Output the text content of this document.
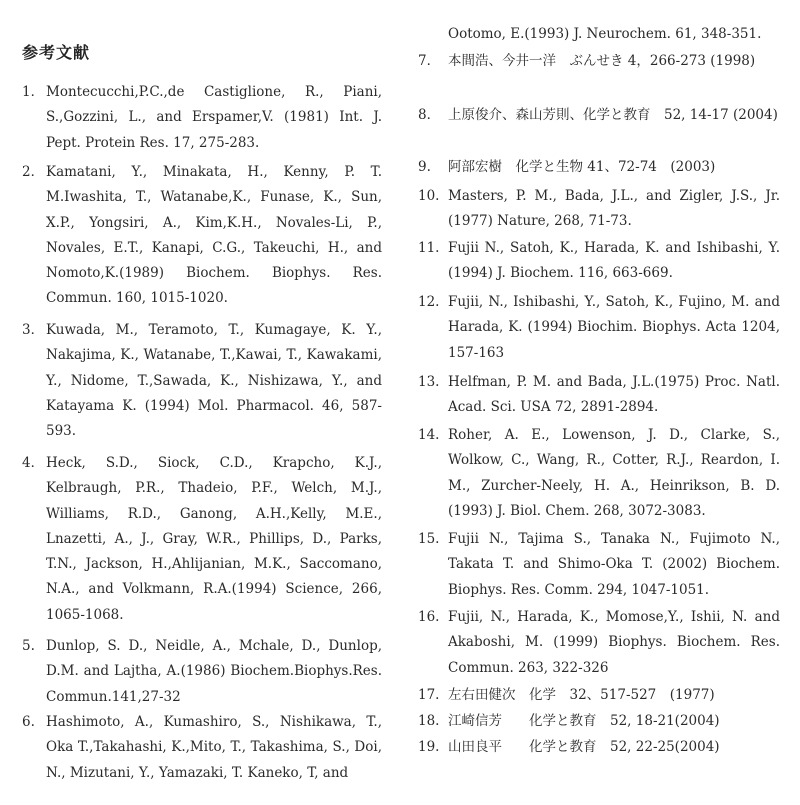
参考文献
1． Montecucchi,P.C.,de Castiglione, R., Piani, S.,Gozzini, L., and Erspamer,V. (1981) Int. J. Pept. Protein Res. 17, 275-283.
2． Kamatani, Y., Minakata, H., Kenny, P. T. M.Iwashita, T., Watanabe,K., Funase, K., Sun, X.P., Yongsiri, A., Kim,K.H., Novales-Li, P., Novales, E.T., Kanapi, C.G., Takeuchi, H., and Nomoto,K.(1989) Biochem. Biophys. Res. Commun. 160, 1015-1020.
3． Kuwada, M., Teramoto, T., Kumagaye, K. Y., Nakajima, K., Watanabe, T.,Kawai, T., Kawakami, Y., Nidome, T.,Sawada, K., Nishizawa, Y., and Katayama K. (1994) Mol. Pharmacol. 46, 587-593.
4． Heck, S.D., Siock, C.D., Krapcho, K.J., Kelbraugh, P.R., Thadeio, P.F., Welch, M.J., Williams, R.D., Ganong, A.H.,Kelly, M.E., Lnazetti, A., J., Gray, W.R., Phillips, D., Parks, T.N., Jackson, H.,Ahlijanian, M.K., Saccomano, N.A., and Volkmann, R.A.(1994) Science, 266, 1065-1068.
5. Dunlop, S. D., Neidle, A., Mchale, D., Dunlop, D.M. and Lajtha, A.(1986) Biochem.Biophys.Res. Commun.141,27-32
6. Hashimoto, A., Kumashiro, S., Nishikawa, T., Oka T.,Takahashi, K.,Mito, T., Takashima, S., Doi, N., Mizutani, Y., Yamazaki, T. Kaneko, T, and
Ootomo, E.(1993) J. Neurochem. 61, 348-351.
7． 本間浩、今井一洋　ぶんせき 4，266-273 (1998)
8． 上原俊介、森山芳則、化学と教育　52, 14-17 (2004)
9. 阿部宏樹　化学と生物 41、72-74　(2003)
10. Masters, P. M., Bada, J.L., and Zigler, J.S., Jr.(1977) Nature, 268, 71-73.
11. Fujii N., Satoh, K., Harada, K. and Ishibashi, Y.(1994) J. Biochem. 116, 663-669.
12. Fujii, N., Ishibashi, Y., Satoh, K., Fujino, M. and Harada, K. (1994) Biochim. Biophys. Acta 1204, 157-163
13. Helfman, P. M. and Bada, J.L.(1975) Proc. Natl. Acad. Sci. USA 72, 2891-2894.
14. Roher, A. E., Lowenson, J. D., Clarke, S., Wolkow, C., Wang, R., Cotter, R.J., Reardon, I. M., Zurcher-Neely, H. A., Heinrikson, B. D. (1993) J. Biol. Chem. 268, 3072-3083.
15. Fujii N., Tajima S., Tanaka N., Fujimoto N., Takata T. and Shimo-Oka T. (2002) Biochem. Biophys. Res. Comm. 294, 1047-1051.
16. Fujii, N., Harada, K., Momose,Y., Ishii, N. and Akaboshi, M. (1999) Biophys. Biochem. Res. Commun. 263, 322-326
17. 左右田健次　化学　32、517-527　(1977)
18. 江崎信芳　　化学と教育　52, 18-21(2004)
19. 山田良平　　化学と教育　52, 22-25(2004)
